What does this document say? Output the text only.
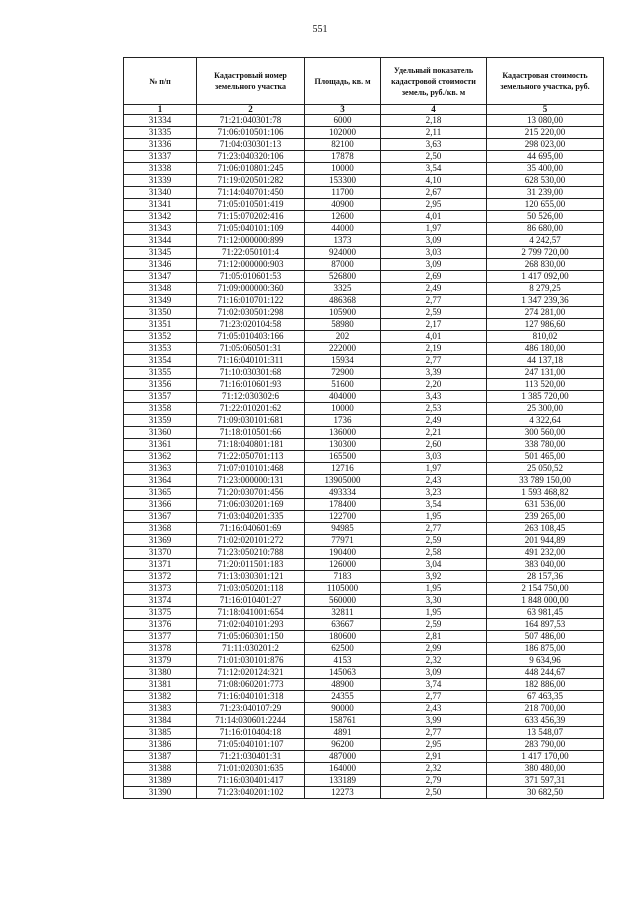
551
№ п/п	Кадастровый номер земельного участка	Площадь, кв. м	Удельный показатель кадастровой стоимости земель, руб./кв. м	Кадастровая стоимость земельного участка, руб.
1	2	3	4	5
31334	71:21:040301:78	6000	2,18	13 080,00
31335	71:06:010501:106	102000	2,11	215 220,00
31336	71:04:030301:13	82100	3,63	298 023,00
31337	71:23:040320:106	17878	2,50	44 695,00
31338	71:06:010801:245	10000	3,54	35 400,00
31339	71:19:020501:282	153300	4,10	628 530,00
31340	71:14:040701:450	11700	2,67	31 239,00
31341	71:05:010501:419	40900	2,95	120 655,00
31342	71:15:070202:416	12600	4,01	50 526,00
31343	71:05:040101:109	44000	1,97	86 680,00
31344	71:12:000000:899	1373	3,09	4 242,57
31345	71:22:050101:4	924000	3,03	2 799 720,00
31346	71:12:000000:903	87000	3,09	268 830,00
31347	71:05:010601:53	526800	2,69	1 417 092,00
31348	71:09:000000:360	3325	2,49	8 279,25
31349	71:16:010701:122	486368	2,77	1 347 239,36
31350	71:02:030501:298	105900	2,59	274 281,00
31351	71:23:020104:58	58980	2,17	127 986,60
31352	71:05:010403:166	202	4,01	810,02
31353	71:05:060501:31	222000	2,19	486 180,00
31354	71:16:040101:311	15934	2,77	44 137,18
31355	71:10:030301:68	72900	3,39	247 131,00
31356	71:16:010601:93	51600	2,20	113 520,00
31357	71:12:030302:6	404000	3,43	1 385 720,00
31358	71:22:010201:62	10000	2,53	25 300,00
31359	71:09:030101:681	1736	2,49	4 322,64
31360	71:18:010501:66	136000	2,21	300 560,00
31361	71:18:040801:181	130300	2,60	338 780,00
31362	71:22:050701:113	165500	3,03	501 465,00
31363	71:07:010101:468	12716	1,97	25 050,52
31364	71:23:000000:131	13905000	2,43	33 789 150,00
31365	71:20:030701:456	493334	3,23	1 593 468,82
31366	71:06:030201:169	178400	3,54	631 536,00
31367	71:03:040201:335	122700	1,95	239 265,00
31368	71:16:040601:69	94985	2,77	263 108,45
31369	71:02:020101:272	77971	2,59	201 944,89
31370	71:23:050210:788	190400	2,58	491 232,00
31371	71:20:011501:183	126000	3,04	383 040,00
31372	71:13:030301:121	7183	3,92	28 157,36
31373	71:03:050201:118	1105000	1,95	2 154 750,00
31374	71:16:010401:27	560000	3,30	1 848 000,00
31375	71:18:041001:654	32811	1,95	63 981,45
31376	71:02:040101:293	63667	2,59	164 897,53
31377	71:05:060301:150	180600	2,81	507 486,00
31378	71:11:030201:2	62500	2,99	186 875,00
31379	71:01:030101:876	4153	2,32	9 634,96
31380	71:12:020124:321	145063	3,09	448 244,67
31381	71:08:060201:773	48900	3,74	182 886,00
31382	71:16:040101:318	24355	2,77	67 463,35
31383	71:23:040107:29	90000	2,43	218 700,00
31384	71:14:030601:2244	158761	3,99	633 456,39
31385	71:16:010404:18	4891	2,77	13 548,07
31386	71:05:040101:107	96200	2,95	283 790,00
31387	71:21:030401:31	487000	2,91	1 417 170,00
31388	71:01:020301:635	164000	2,32	380 480,00
31389	71:16:030401:417	133189	2,79	371 597,31
31390	71:23:040201:102	12273	2,50	30 682,50
